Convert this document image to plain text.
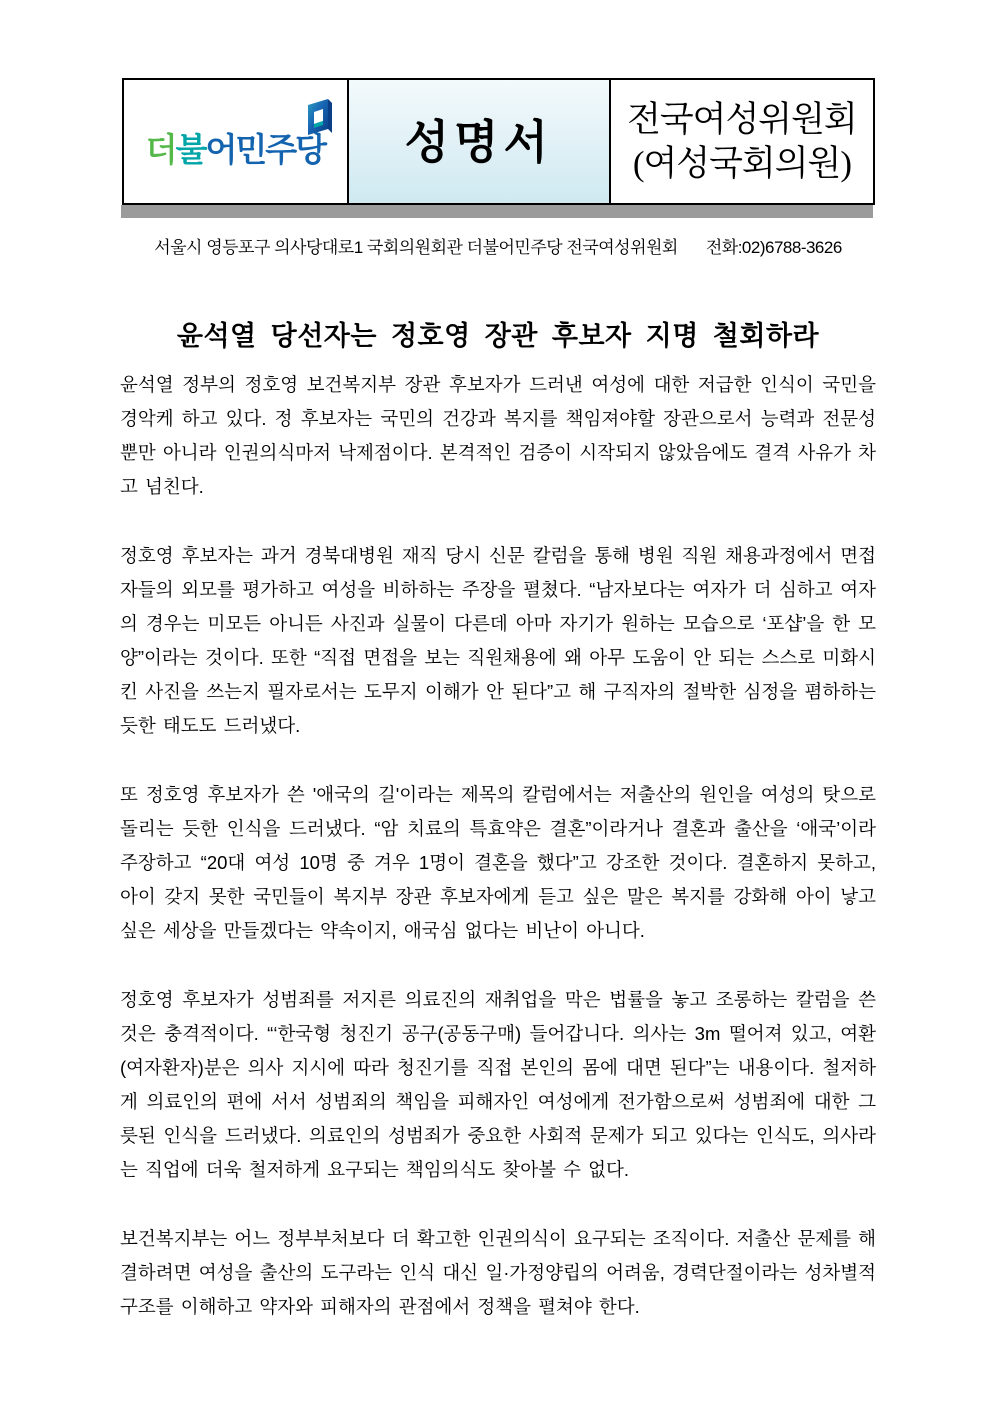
더불어민주당 성명서 전국여성위원회
(여성국회의원)
서울시 영등포구 의사당대로1 국회의원회관 더불어민주당 전국여성위원회 전화:02)6788-3626
윤석열 당선자는 정호영 장관 후보자 지명 철회하라

윤석열 정부의 정호영 보건복지부 장관 후보자가 드러낸 여성에 대한 저급한 인식이 국민을 경악케 하고 있다. 정 후보자는 국민의 건강과 복지를 책임져야할 장관으로서 능력과 전문성뿐만 아니라 인권의식마저 낙제점이다. 본격적인 검증이 시작되지 않았음에도 결격 사유가 차고 넘친다.

정호영 후보자는 과거 경북대병원 재직 당시 신문 칼럼을 통해 병원 직원 채용과정에서 면접자들의 외모를 평가하고 여성을 비하하는 주장을 펼쳤다. “남자보다는 여자가 더 심하고 여자의 경우는 미모든 아니든 사진과 실물이 다른데 아마 자기가 원하는 모습으로 ‘포샵’을 한 모양”이라는 것이다. 또한 “직접 면접을 보는 직원채용에 왜 아무 도움이 안 되는 스스로 미화시킨 사진을 쓰는지 필자로서는 도무지 이해가 안 된다”고 해 구직자의 절박한 심정을 폄하하는 듯한 태도도 드러냈다.

또 정호영 후보자가 쓴 '애국의 길'이라는 제목의 칼럼에서는 저출산의 원인을 여성의 탓으로 돌리는 듯한 인식을 드러냈다. “암 치료의 특효약은 결혼”이라거나 결혼과 출산을 ‘애국’이라 주장하고 “20대 여성 10명 중 겨우 1명이 결혼을 했다”고 강조한 것이다. 결혼하지 못하고, 아이 갖지 못한 국민들이 복지부 장관 후보자에게 듣고 싶은 말은 복지를 강화해 아이 낳고 싶은 세상을 만들겠다는 약속이지, 애국심 없다는 비난이 아니다.

정호영 후보자가 성범죄를 저지른 의료진의 재취업을 막은 법률을 놓고 조롱하는 칼럼을 쓴 것은 충격적이다. “‘한국형 청진기 공구(공동구매) 들어갑니다. 의사는 3m 떨어져 있고, 여환(여자환자)분은 의사 지시에 따라 청진기를 직접 본인의 몸에 대면 된다”는 내용이다. 철저하게 의료인의 편에 서서 성범죄의 책임을 피해자인 여성에게 전가함으로써 성범죄에 대한 그릇된 인식을 드러냈다. 의료인의 성범죄가 중요한 사회적 문제가 되고 있다는 인식도, 의사라는 직업에 더욱 철저하게 요구되는 책임의식도 찾아볼 수 없다.

보건복지부는 어느 정부부처보다 더 확고한 인권의식이 요구되는 조직이다. 저출산 문제를 해결하려면 여성을 출산의 도구라는 인식 대신 일·가정양립의 어려움, 경력단절이라는 성차별적 구조를 이해하고 약자와 피해자의 관점에서 정책을 펼쳐야 한다.
